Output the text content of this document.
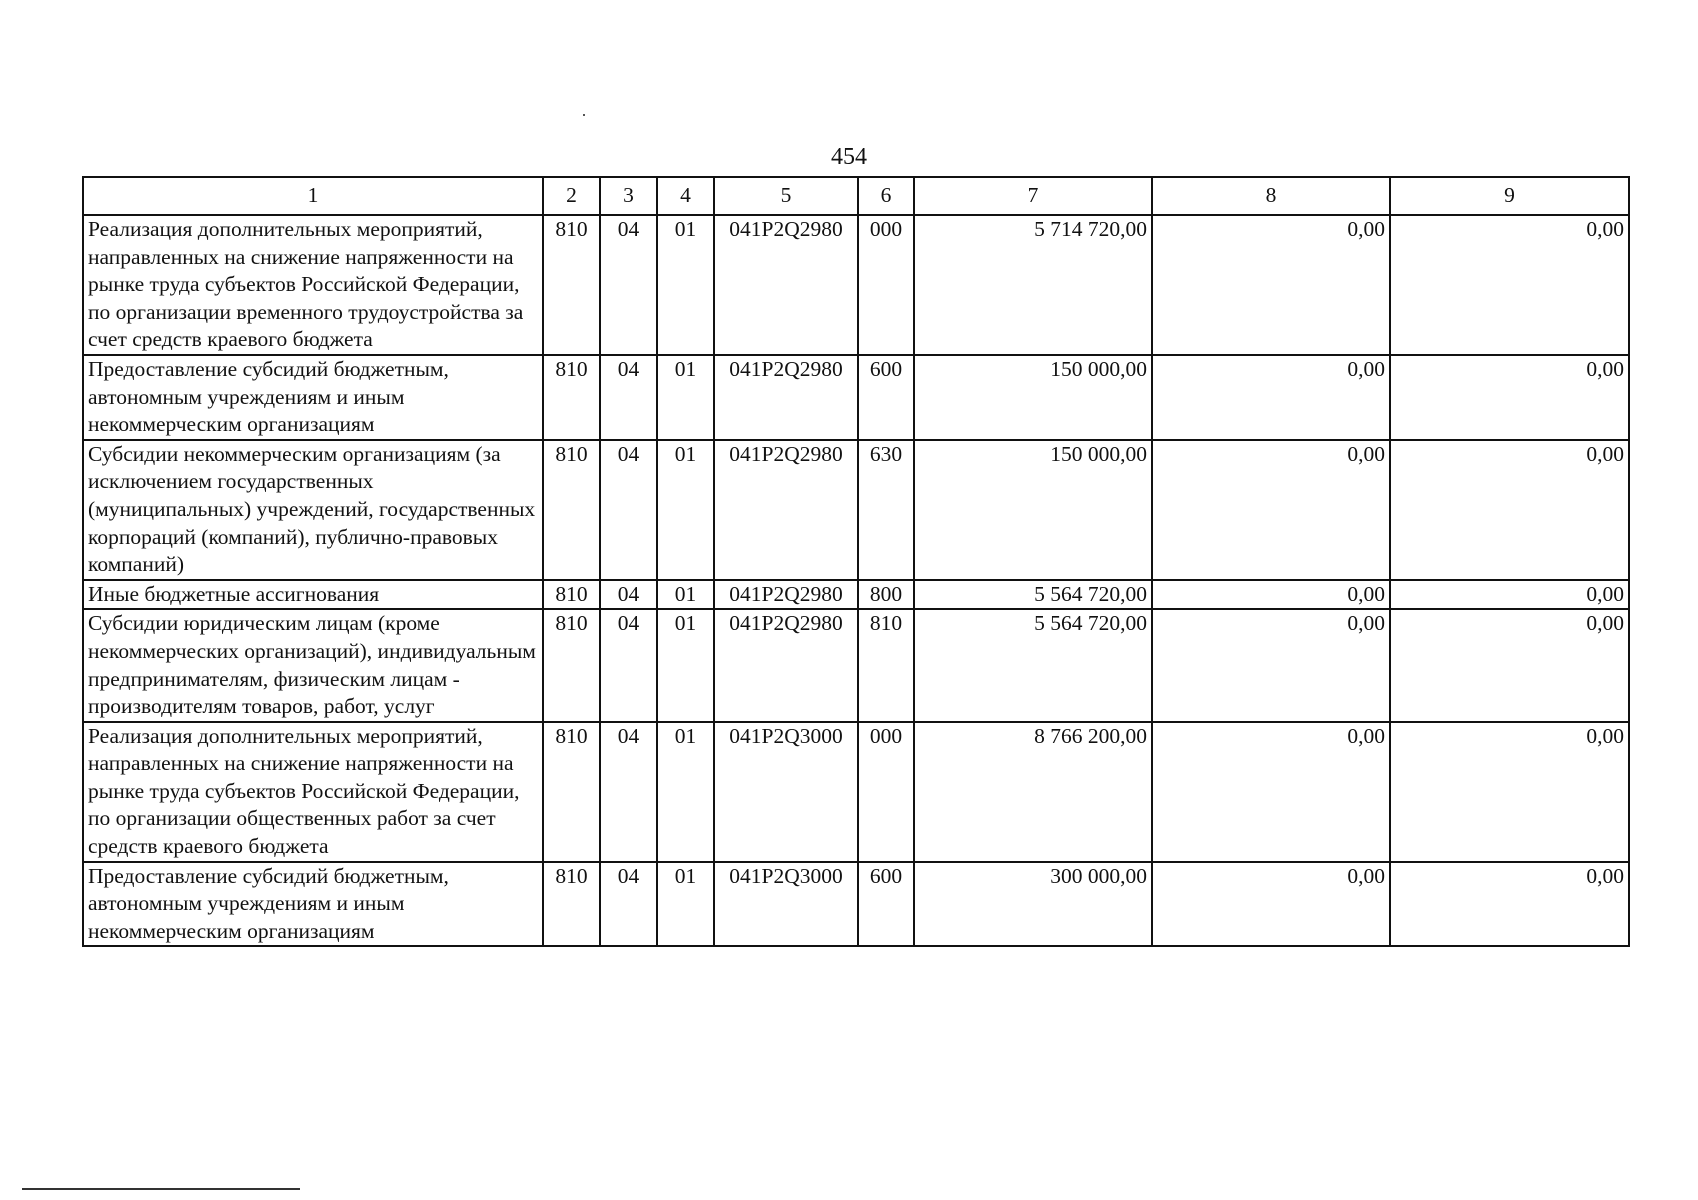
454
1	2	3	4	5	6	7	8	9
Реализация дополнительных мероприятий, направленных на снижение напряженности на рынке труда субъектов Российской Федерации, по организации временного трудоустройства за счет средств краевого бюджета	810	04	01	041P2Q2980	000	5 714 720,00	0,00	0,00
Предоставление субсидий бюджетным, автономным учреждениям и иным некоммерческим организациям	810	04	01	041P2Q2980	600	150 000,00	0,00	0,00
Субсидии некоммерческим организациям (за исключением государственных (муниципальных) учреждений, государственных корпораций (компаний), публично-правовых компаний)	810	04	01	041P2Q2980	630	150 000,00	0,00	0,00
Иные бюджетные ассигнования	810	04	01	041P2Q2980	800	5 564 720,00	0,00	0,00
Субсидии юридическим лицам (кроме некоммерческих организаций), индивидуальным предпринимателям, физическим лицам - производителям товаров, работ, услуг	810	04	01	041P2Q2980	810	5 564 720,00	0,00	0,00
Реализация дополнительных мероприятий, направленных на снижение напряженности на рынке труда субъектов Российской Федерации, по организации общественных работ за счет средств краевого бюджета	810	04	01	041P2Q3000	000	8 766 200,00	0,00	0,00
Предоставление субсидий бюджетным, автономным учреждениям и иным некоммерческим организациям	810	04	01	041P2Q3000	600	300 000,00	0,00	0,00
